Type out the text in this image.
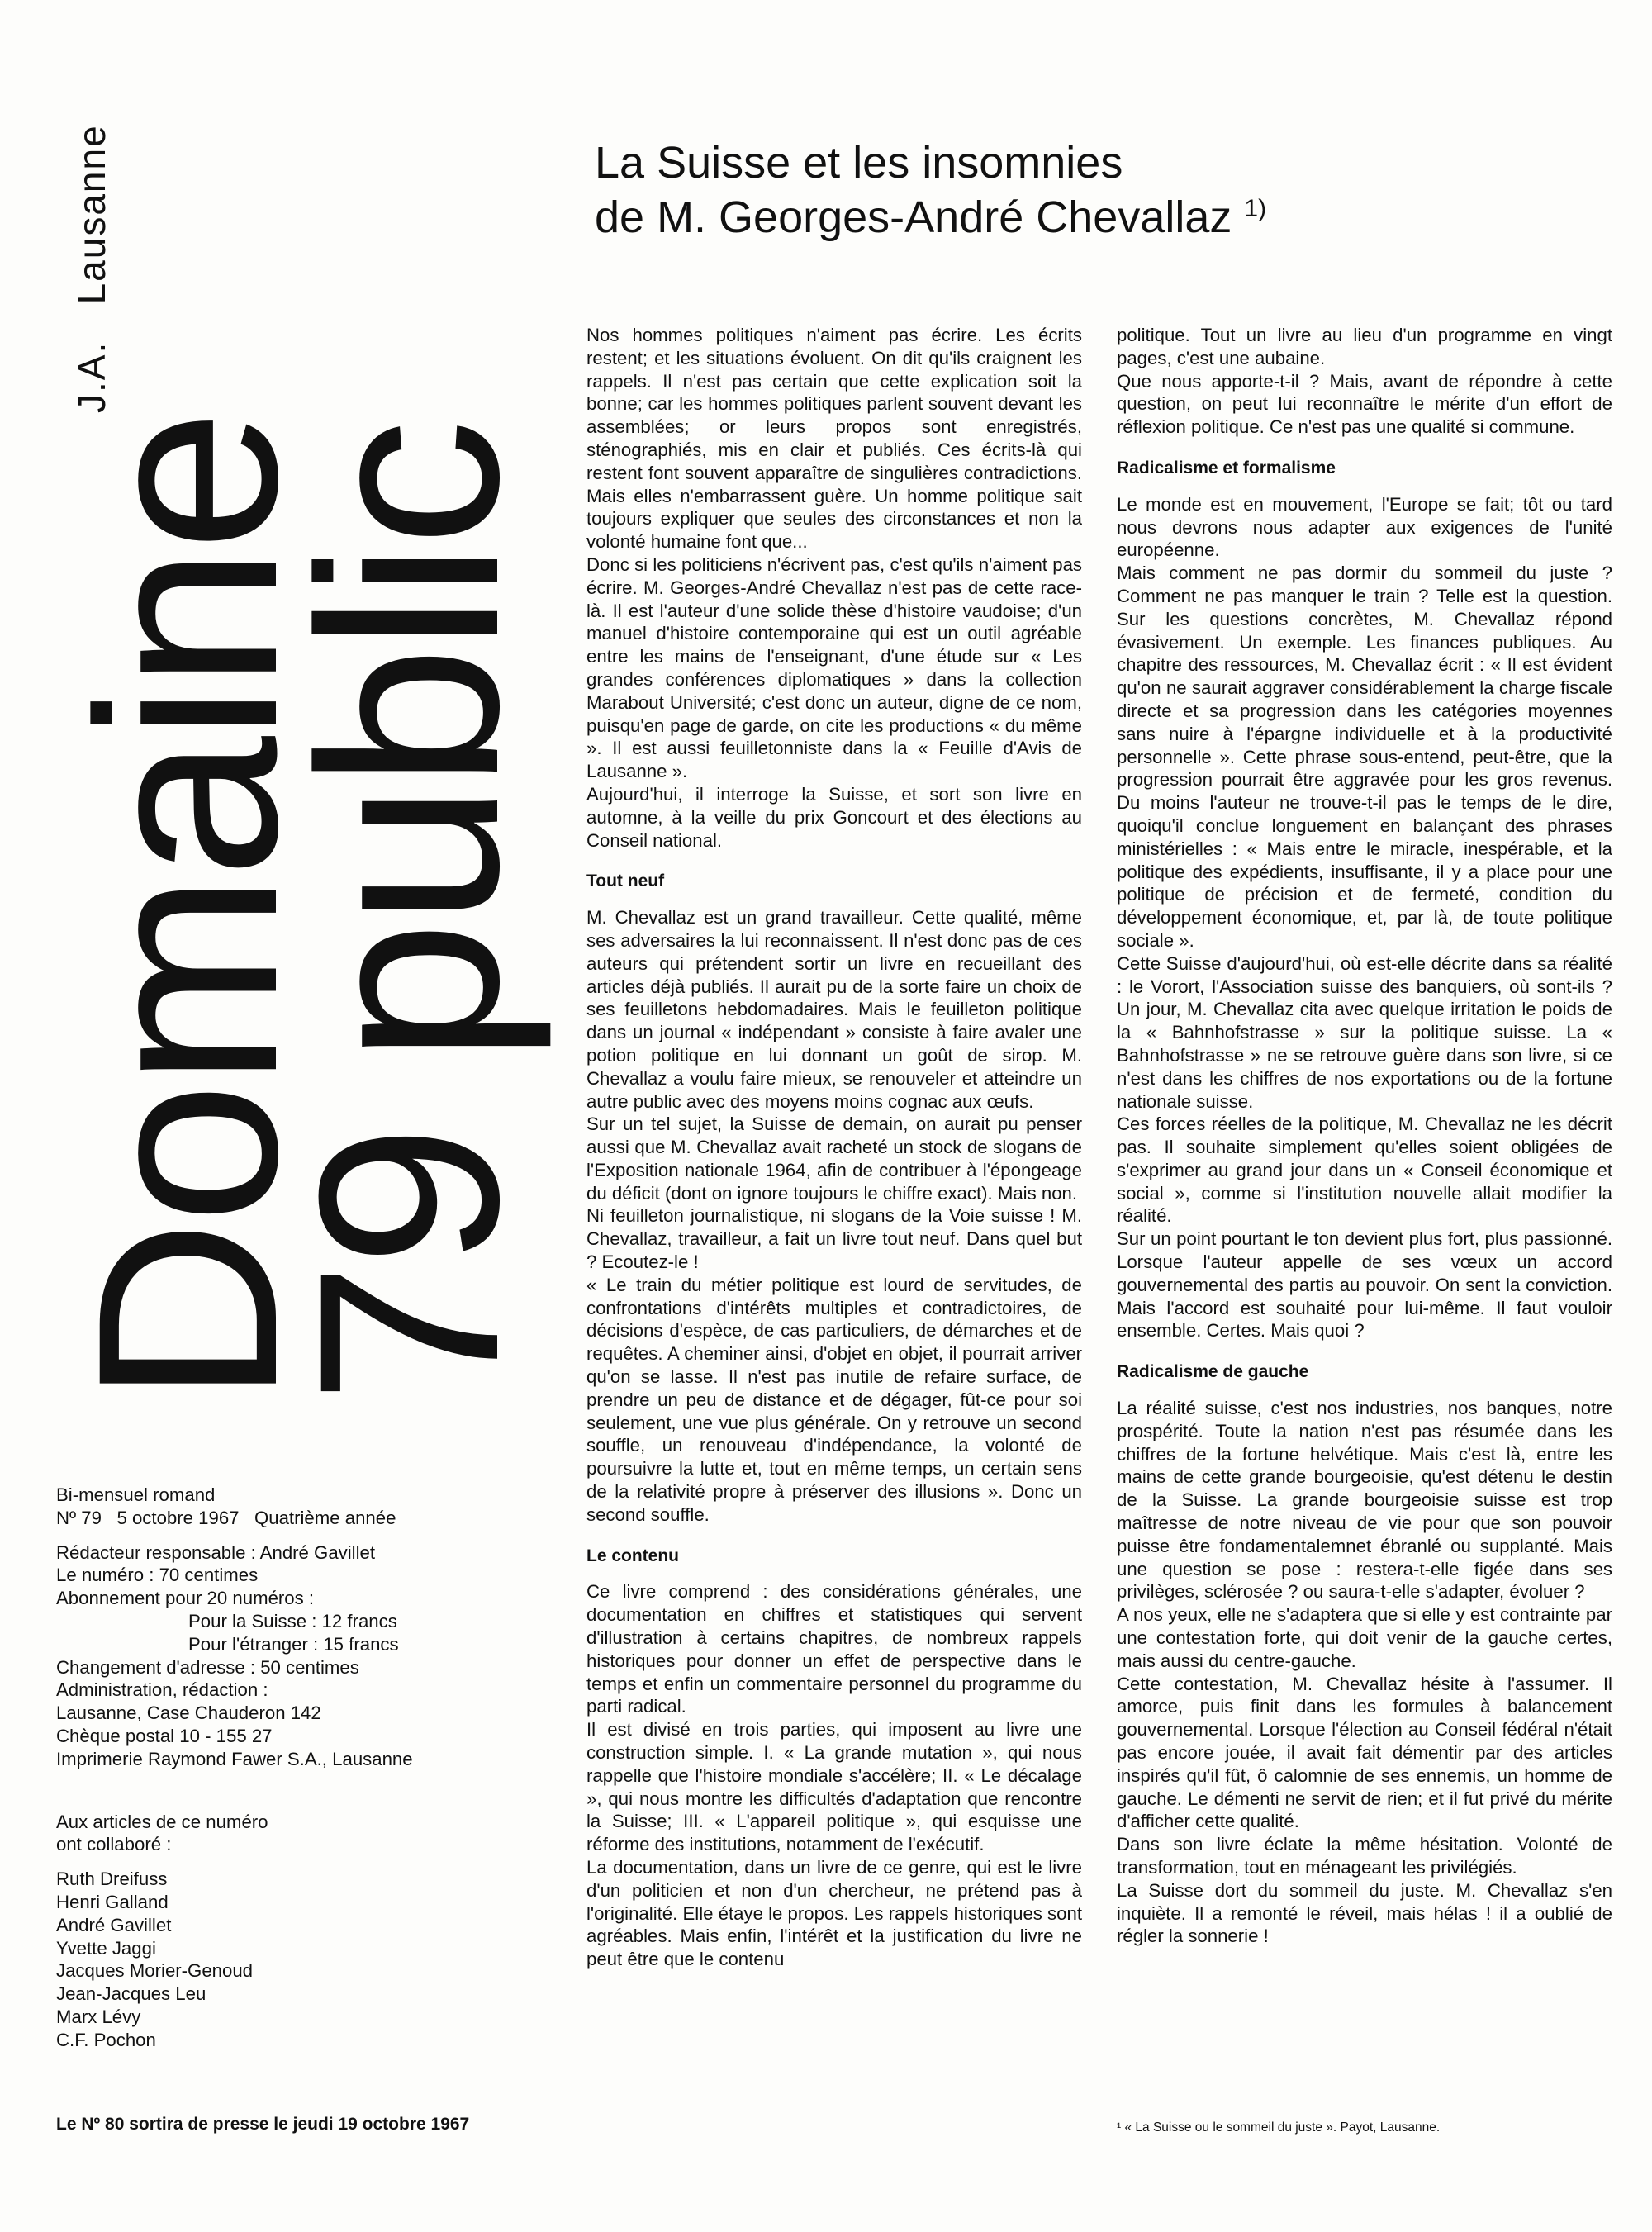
Domaine
79 public
J.A.   Lausanne	La Suisse et les insomnies
de M. Georges-André Chevallaz $^{1)}$

Nos hommes politiques n'aiment pas écrire. Les écrits restent; et les situations évoluent. On dit qu'ils craignent les rappels. Il n'est pas certain que cette explication soit la bonne; car les hommes politiques parlent souvent devant les assemblées; or leurs propos sont enregistrés, sténographiés, mis en clair et publiés. Ces écrits-là qui restent font souvent apparaître de singulières contradictions. Mais elles n'embarrassent guère. Un homme politique sait toujours expliquer que seules des circonstances et non la volonté humaine font que...

Donc si les politiciens n'écrivent pas, c'est qu'ils n'aiment pas écrire. M. Georges-André Chevallaz n'est pas de cette race-là. Il est l'auteur d'une solide thèse d'histoire vaudoise; d'un manuel d'histoire contemporaine qui est un outil agréable entre les mains de l'enseignant, d'une étude sur « Les grandes conférences diplomatiques » dans la collection Marabout Université; c'est donc un auteur, digne de ce nom, puisqu'en page de garde, on cite les productions « du même ». Il est aussi feuilletonniste dans la « Feuille d'Avis de Lausanne ».

Aujourd'hui, il interroge la Suisse, et sort son livre en automne, à la veille du prix Goncourt et des élections au Conseil national.

Tout neuf

M. Chevallaz est un grand travailleur. Cette qualité, même ses adversaires la lui reconnaissent. Il n'est donc pas de ces auteurs qui prétendent sortir un livre en recueillant des articles déjà publiés. Il aurait pu de la sorte faire un choix de ses feuilletons hebdomadaires. Mais le feuilleton politique dans un journal « indépendant » consiste à faire avaler une potion politique en lui donnant un goût de sirop. M. Chevallaz a voulu faire mieux, se renouveler et atteindre un autre public avec des moyens moins cognac aux œufs.

Sur un tel sujet, la Suisse de demain, on aurait pu penser aussi que M. Chevallaz avait racheté un stock de slogans de l'Exposition nationale 1964, afin de contribuer à l'épongeage du déficit (dont on ignore toujours le chiffre exact). Mais non.

Ni feuilleton journalistique, ni slogans de la Voie suisse ! M. Chevallaz, travailleur, a fait un livre tout neuf. Dans quel but ? Ecoutez-le !

« Le train du métier politique est lourd de servitudes, de confrontations d'intérêts multiples et contradictoires, de décisions d'espèce, de cas particuliers, de démarches et de requêtes. A cheminer ainsi, d'objet en objet, il pourrait arriver qu'on se lasse. Il n'est pas inutile de refaire surface, de prendre un peu de distance et de dégager, fût-ce pour soi seulement, une vue plus générale. On y retrouve un second souffle, un renouveau d'indépendance, la volonté de poursuivre la lutte et, tout en même temps, un certain sens de la relativité propre à préserver des illusions ». Donc un second souffle.

Le contenu

Ce livre comprend : des considérations générales, une documentation en chiffres et statistiques qui servent d'illustration à certains chapitres, de nombreux rappels historiques pour donner un effet de perspective dans le temps et enfin un commentaire personnel du programme du parti radical.

Il est divisé en trois parties, qui imposent au livre une construction simple. I. « La grande mutation », qui nous rappelle que l'histoire mondiale s'accélère; II. « Le décalage », qui nous montre les difficultés d'adaptation que rencontre la Suisse; III. « L'appareil politique », qui esquisse une réforme des institutions, notamment de l'exécutif.

La documentation, dans un livre de ce genre, qui est le livre d'un politicien et non d'un chercheur, ne prétend pas à l'originalité. Elle étaye le propos. Les rappels historiques sont agréables. Mais enfin, l'intérêt et la justification du livre ne peut être que le contenu

politique. Tout un livre au lieu d'un programme en vingt pages, c'est une aubaine.

Que nous apporte-t-il ? Mais, avant de répondre à cette question, on peut lui reconnaître le mérite d'un effort de réflexion politique. Ce n'est pas une qualité si commune.

Radicalisme et formalisme

Le monde est en mouvement, l'Europe se fait; tôt ou tard nous devrons nous adapter aux exigences de l'unité européenne.

Mais comment ne pas dormir du sommeil du juste ? Comment ne pas manquer le train ? Telle est la question. Sur les questions concrètes, M. Chevallaz répond évasivement. Un exemple. Les finances publiques. Au chapitre des ressources, M. Chevallaz écrit : « Il est évident qu'on ne saurait aggraver considérablement la charge fiscale directe et sa progression dans les catégories moyennes sans nuire à l'épargne individuelle et à la productivité personnelle ». Cette phrase sous-entend, peut-être, que la progression pourrait être aggravée pour les gros revenus. Du moins l'auteur ne trouve-t-il pas le temps de le dire, quoiqu'il conclue longuement en balançant des phrases ministérielles : « Mais entre le miracle, inespérable, et la politique des expédients, insuffisante, il y a place pour une politique de précision et de fermeté, condition du développement économique, et, par là, de toute politique sociale ».

Cette Suisse d'aujourd'hui, où est-elle décrite dans sa réalité : le Vorort, l'Association suisse des banquiers, où sont-ils ? Un jour, M. Chevallaz cita avec quelque irritation le poids de la « Bahnhofstrasse » sur la politique suisse. La « Bahnhofstrasse » ne se retrouve guère dans son livre, si ce n'est dans les chiffres de nos exportations ou de la fortune nationale suisse.

Ces forces réelles de la politique, M. Chevallaz ne les décrit pas. Il souhaite simplement qu'elles soient obligées de s'exprimer au grand jour dans un « Conseil économique et social », comme si l'institution nouvelle allait modifier la réalité.

Sur un point pourtant le ton devient plus fort, plus passionné. Lorsque l'auteur appelle de ses vœux un accord gouvernemental des partis au pouvoir. On sent la conviction. Mais l'accord est souhaité pour lui-même. Il faut vouloir ensemble. Certes. Mais quoi ?

Radicalisme de gauche

La réalité suisse, c'est nos industries, nos banques, notre prospérité. Toute la nation n'est pas résumée dans les chiffres de la fortune helvétique. Mais c'est là, entre les mains de cette grande bourgeoisie, qu'est détenu le destin de la Suisse. La grande bourgeoisie suisse est trop maîtresse de notre niveau de vie pour que son pouvoir puisse être fondamentalemnet ébranlé ou supplanté. Mais une question se pose : restera-t-elle figée dans ses privilèges, sclérosée ? ou saura-t-elle s'adapter, évoluer ?

A nos yeux, elle ne s'adaptera que si elle y est contrainte par une contestation forte, qui doit venir de la gauche certes, mais aussi du centre-gauche.

Cette contestation, M. Chevallaz hésite à l'assumer. Il amorce, puis finit dans les formules à balancement gouvernemental. Lorsque l'élection au Conseil fédéral n'était pas encore jouée, il avait fait démentir par des articles inspirés qu'il fût, ô calomnie de ses ennemis, un homme de gauche. Le démenti ne servit de rien; et il fut privé du mérite d'afficher cette qualité.

Dans son livre éclate la même hésitation. Volonté de transformation, tout en ménageant les privilégiés.

La Suisse dort du sommeil du juste. M. Chevallaz s'en inquiète. Il a remonté le réveil, mais hélas ! il a oublié de régler la sonnerie !

Bi-mensuel romand
Nº 79   5 octobre 1967   Quatrième année
Rédacteur responsable : André Gavillet
Le numéro : 70 centimes
Abonnement pour 20 numéros :
Pour la Suisse : 12 francs
Pour l'étranger : 15 francs
Changement d'adresse : 50 centimes
Administration, rédaction :
Lausanne, Case Chauderon 142
Chèque postal 10 - 155 27
Imprimerie Raymond Fawer S.A., Lausanne
Aux articles de ce numéro
ont collaboré :
Ruth Dreifuss
Henri Galland
André Gavillet
Yvette Jaggi
Jacques Morier-Genoud
Jean-Jacques Leu
Marx Lévy
C.F. Pochon
Le Nº 80 sortira de presse le jeudi 19 octobre 1967	¹ « La Suisse ou le sommeil du juste ». Payot, Lausanne.
